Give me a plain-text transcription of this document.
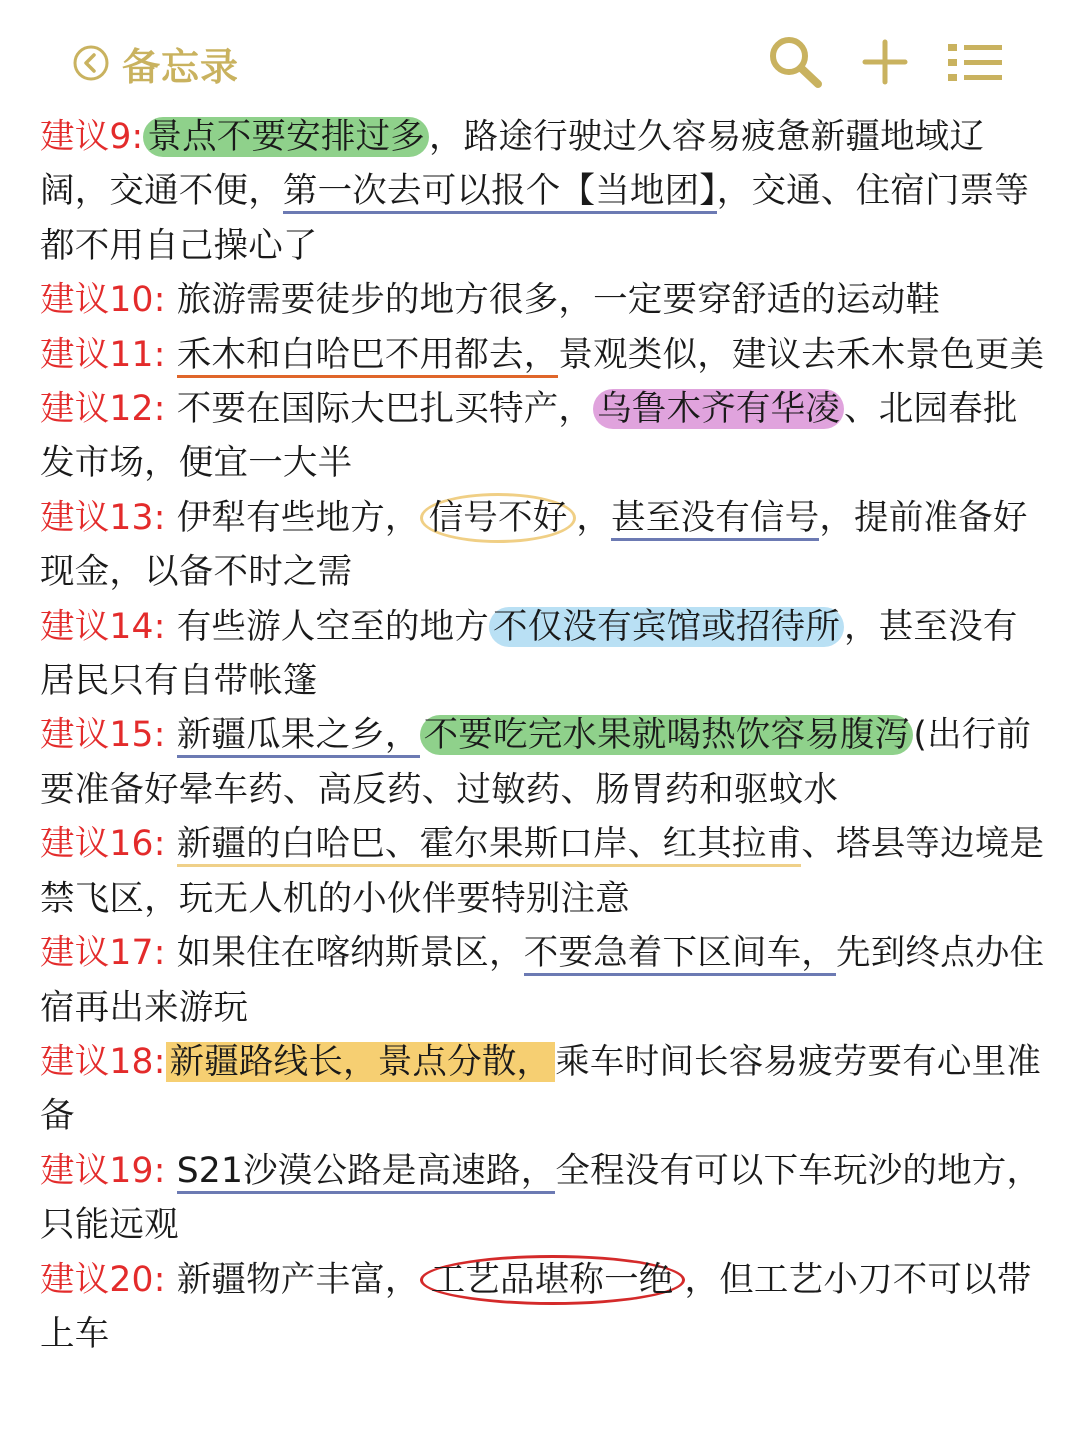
备忘录

建议9: 景点不要安排过多 ，路途行驶过久容易疲惫新疆地域辽阔，交通不便，第一次去可以报个【当地团】，交通、住宿门票等都不用自己操心了

建议10: 旅游需要徒步的地方很多，一定要穿舒适的运动鞋

建议11: 禾木和白哈巴不用都去，景观类似，建议去禾木景色更美

建议12: 不要在国际大巴扎买特产， 乌鲁木齐有华凌 、北园春批发市场，便宜一大半

建议13: 伊犁有些地方， 信号不好 ，甚至没有信号，提前准备好现金，以备不时之需

建议14: 有些游人空至的地方 不仅没有宾馆或招待所 ，甚至没有居民只有自带帐篷

建议15: 新疆瓜果之乡， 不要吃完水果就喝热饮容易腹泻 (出行前要准备好晕车药、高反药、过敏药、肠胃药和驱蚊水

建议16: 新疆的白哈巴、霍尔果斯口岸、红其拉甫、塔县等边境是禁飞区，玩无人机的小伙伴要特别注意

建议17: 如果住在喀纳斯景区，不要急着下区间车，先到终点办住宿再出来游玩

建议18: 新疆路线长，景点分散， 乘车时间长容易疲劳要有心里准备

建议19: S21沙漠公路是高速路，全程没有可以下车玩沙的地方，只能远观

建议20: 新疆物产丰富， 工艺品堪称一绝 ，但工艺小刀不可以带上车
